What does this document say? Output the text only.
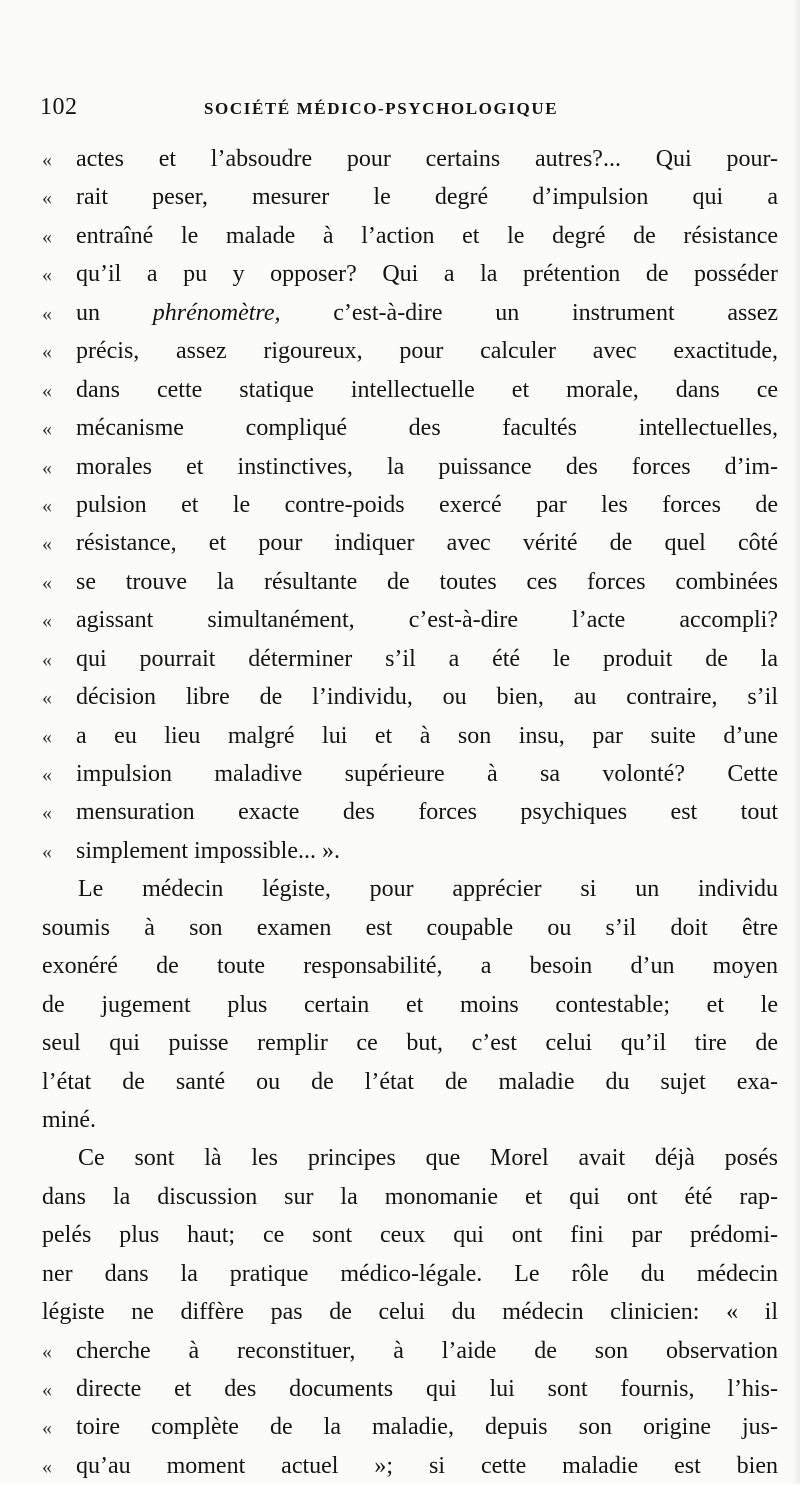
102	SOCIÉTÉ MÉDICO-PSYCHOLOGIQUE
« actes et l’absoudre pour certains autres?... Qui pour-
« rait peser, mesurer le degré d’impulsion qui a
« entraîné le malade à l’action et le degré de résistance
« qu’il a pu y opposer? Qui a la prétention de posséder
« un phrénomètre, c’est-à-dire un instrument assez
« précis, assez rigoureux, pour calculer avec exactitude,
« dans cette statique intellectuelle et morale, dans ce
« mécanisme compliqué des facultés intellectuelles,
« morales et instinctives, la puissance des forces d’im-
« pulsion et le contre-poids exercé par les forces de
« résistance, et pour indiquer avec vérité de quel côté
« se trouve la résultante de toutes ces forces combinées
« agissant simultanément, c’est-à-dire l’acte accompli?
« qui pourrait déterminer s’il a été le produit de la
« décision libre de l’individu, ou bien, au contraire, s’il
« a eu lieu malgré lui et à son insu, par suite d’une
« impulsion maladive supérieure à sa volonté? Cette
« mensuration exacte des forces psychiques est tout
« simplement impossible... ».
Le médecin légiste, pour apprécier si un individu
soumis à son examen est coupable ou s’il doit être
exonéré de toute responsabilité, a besoin d’un moyen
de jugement plus certain et moins contestable; et le
seul qui puisse remplir ce but, c’est celui qu’il tire de
l’état de santé ou de l’état de maladie du sujet exa-
miné.
Ce sont là les principes que Morel avait déjà posés
dans la discussion sur la monomanie et qui ont été rap-
pelés plus haut; ce sont ceux qui ont fini par prédomi-
ner dans la pratique médico-légale. Le rôle du médecin
légiste ne diffère pas de celui du médecin clinicien: « il
« cherche à reconstituer, à l’aide de son observation
« directe et des documents qui lui sont fournis, l’his-
« toire complète de la maladie, depuis son origine jus-
« qu’au moment actuel »; si cette maladie est bien
